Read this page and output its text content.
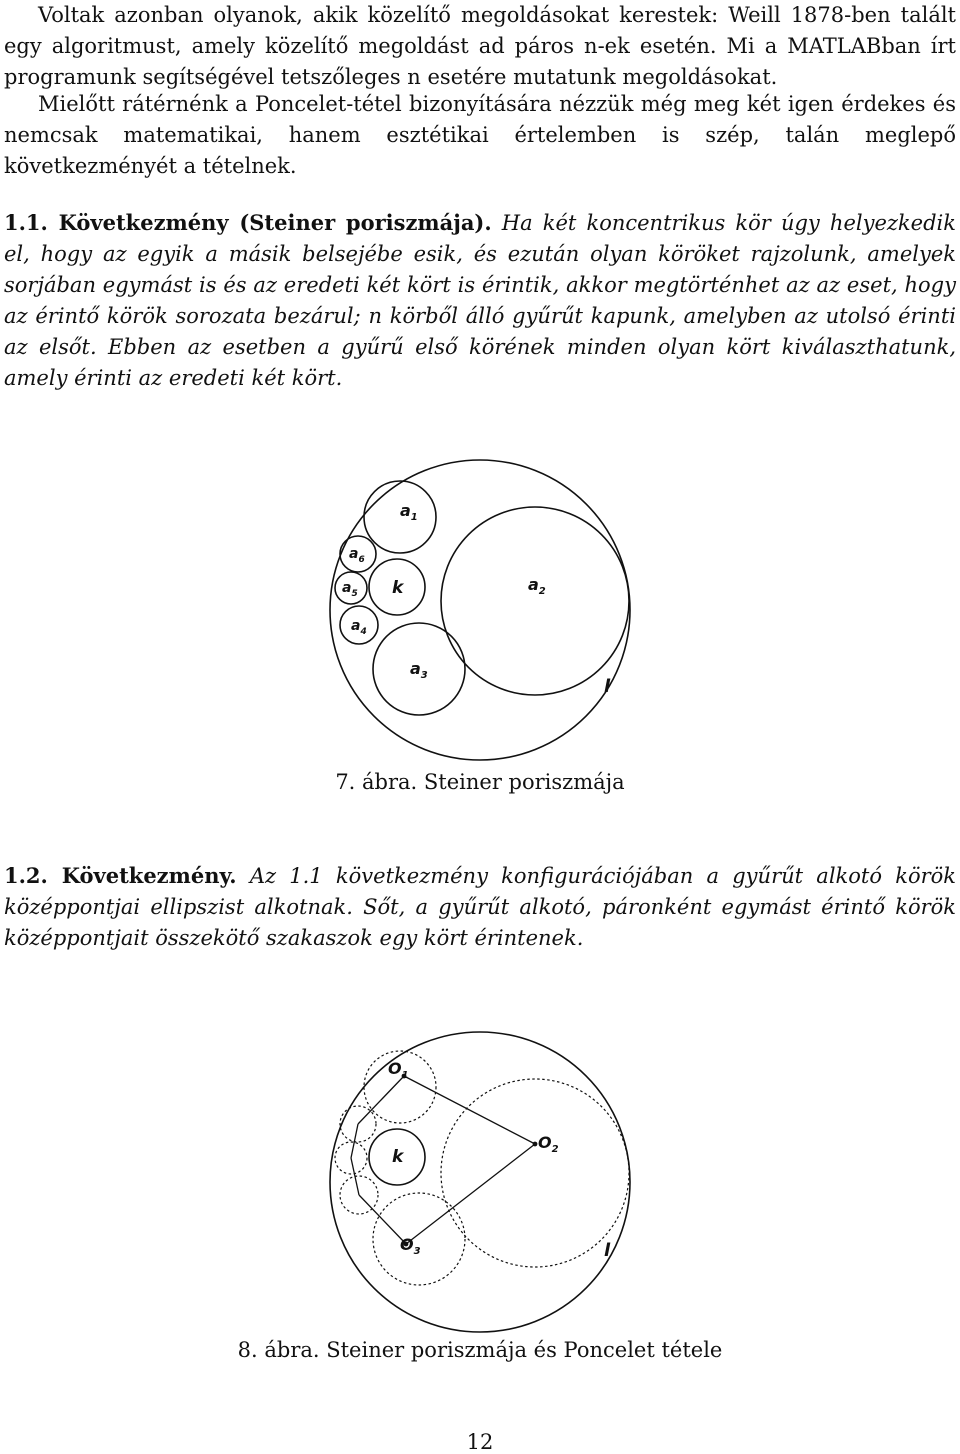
Voltak azonban olyanok, akik közelítő megoldásokat kerestek: Weill 1878-ben talált egy algoritmust, amely közelítő megoldást ad páros n-ek esetén. Mi a MATLABban írt programunk segítségével tetszőleges n esetére mutatunk megoldásokat.

Mielőtt rátérnénk a Poncelet-tétel bizonyítására nézzük még meg két igen érdekes és nemcsak matematikai, hanem esztétikai értelemben is szép, talán meglepő következményét a tételnek.

1.1. Következmény (Steiner poriszmája). Ha két koncentrikus kör úgy helyezkedik el, hogy az egyik a másik belsejébe esik, és ezután olyan köröket rajzolunk, amelyek sorjában egymást is és az eredeti két kört is érintik, akkor megtörténhet az az eset, hogy az érintő körök sorozata bezárul; n körből álló gyűrűt kapunk, amelyben az utolsó érinti az elsőt. Ebben az esetben a gyűrű első körének minden olyan kört kiválaszthatunk, amely érinti az eredeti két kört.

$a_1$
$a_2$
$a_3$
$a_4$
$a_5$
$a_6$
k
l
7. ábra. Steiner poriszmája

1.2. Következmény. Az 1.1 következmény konfigurációjában a gyűrűt alkotó körök középpontjai ellipszist alkotnak. Sőt, a gyűrűt alkotó, páronként egymást érintő körök középpontjait összekötő szakaszok egy kört érintenek.

$O_1$
$O_2$
$O_3$
k
l
8. ábra. Steiner poriszmája és Poncelet tétele
12
